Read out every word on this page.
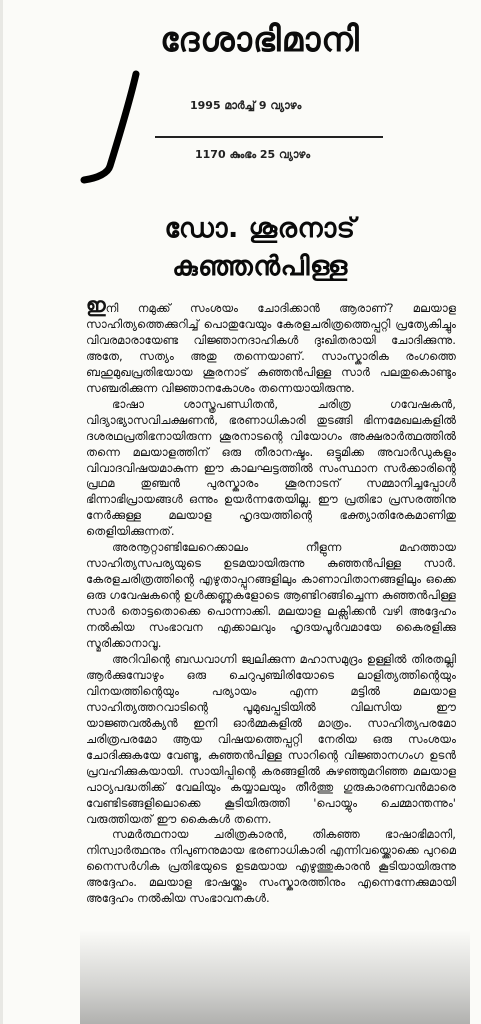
ദേശാഭിമാനി
1995 മാർച്ച് 9 വ്യാഴം
1170 കുംഭം 25 വ്യാഴം
ഡോ. ശൂരനാട്
കുഞ്ഞൻപിള്ള

ഇനി നമുക്ക് സംശയം ചോദിക്കാൻ ആരാണ്? മലയാള സാഹിത്യത്തെക്കുറിച്ച് പൊതുവേയും കേരളചരിത്രത്തെപ്പറ്റി പ്രത്യേകിച്ചും വിവരമാരായേണ്ട വിജ്ഞാനദാഹികൾ ദുഃഖിതരായി ചോദിക്കുന്നു. അതേ, സത്യം അതു തന്നെയാണ്. സാംസ്കാരിക രംഗത്തെ ബഹുമുഖപ്രതിഭയായ ശൂരനാട് കുഞ്ഞൻപിള്ള സാർ പലതുകൊണ്ടും സഞ്ചരിക്കുന്ന വിജ്ഞാനകോശം തന്നെയായിരുന്നു.

ഭാഷാ ശാസ്ത്രപണ്ഡിതൻ, ചരിത്ര ഗവേഷകൻ, വിദ്യാഭ്യാസവിചക്ഷണൻ, ഭരണാധികാരി തുടങ്ങി ഭിന്നമേഖലകളിൽ ദശരഥപ്രതിഭനായിരുന്ന ശൂരനാടന്റെ വിയോഗം അക്ഷരാർത്ഥത്തിൽ തന്നെ മലയാളത്തിന് ഒരു തീരാനഷ്ടം. ഒട്ടുമിക്ക അവാർഡുകളും വിവാദവിഷയമാകുന്ന ഈ കാലഘട്ടത്തിൽ സംസ്ഥാന സർക്കാരിന്റെ പ്രഥമ തുഞ്ചൻ പുരസ്കാരം ശൂരനാടന് സമ്മാനിച്ചപ്പോൾ ഭിന്നാഭിപ്രായങ്ങൾ ഒന്നും ഉയർന്നതേയില്ല. ഈ പ്രതിഭാ പ്രസരത്തിനു നേർക്കുള്ള മലയാള ഹൃദയത്തിന്റെ ഭക്ത്യാതിരേകമാണിതു തെളിയിക്കുന്നത്.

അരനൂറ്റാണ്ടിലേറെക്കാലം നീളുന്ന മഹത്തായ സാഹിത്യസപര്യയുടെ ഉടമയായിരുന്നു കുഞ്ഞൻപിള്ള സാർ. കേരളചരിത്രത്തിന്റെ എഴുതാപ്പുറങ്ങളിലും കാണാവിതാനങ്ങളിലും ഒക്കെ ഒരു ഗവേഷകന്റെ ഉൾക്കണ്ണുകളോടെ ആണ്ടിറങ്ങിച്ചെന്ന കുഞ്ഞൻപിള്ള സാർ തൊട്ടതൊക്കെ പൊന്നാക്കി. മലയാള ലക്സിക്കൻ വഴി അദ്ദേഹം നൽകിയ സംഭാവന എക്കാലവും ഹൃദയപൂർവമായേ കൈരളിക്കു സ്മരിക്കാനാവൂ.

അറിവിന്റെ ബഡവാഗ്നി ജ്വലിക്കുന്ന മഹാസമുദ്രം ഉള്ളിൽ തിരതല്ലി ആർക്കുമ്പോഴും ഒരു ചെറുപുഞ്ചിരിയോടെ ലാളിത്യത്തിന്റെയും വിനയത്തിന്റെയും പര്യായം എന്ന മട്ടിൽ മലയാള സാഹിത്യത്തറവാടിന്റെ പൂമുഖപ്പടിയിൽ വിലസിയ ഈ യാജ്ഞവൽക്യൻ ഇനി ഓർമ്മകളിൽ മാത്രം. സാഹിത്യപരമോ ചരിത്രപരമോ ആയ വിഷയത്തെപ്പറ്റി നേരിയ ഒരു സംശയം ചോദിക്കുകയേ വേണ്ടൂ, കുഞ്ഞൻപിള്ള സാറിന്റെ വിജ്ഞാനഗംഗ ഉടൻ പ്രവഹിക്കുകയായി. സായിപ്പിന്റെ കരങ്ങളിൽ കുഴഞ്ഞുമറിഞ്ഞ മലയാള പാഠ്യപദ്ധതിക്ക് വേലിയും കയ്യാലയും തീർത്തു ഗുരുകാരണവൻമാരെ വേണ്ടിടങ്ങളിലൊക്കെ കൂടിയിരുത്തി 'പൊയ്യും ചെമ്മാന്തന്നും' വരുത്തിയത് ഈ കൈകൾ തന്നെ.

സമർത്ഥനായ ചരിത്രകാരൻ, തികഞ്ഞ ഭാഷാഭിമാനി, നിസ്വാർത്ഥനും നിപുണനുമായ ഭരണാധികാരി എന്നിവയ്ക്കൊക്കെ പുറമെ നൈസർഗിക പ്രതിഭയുടെ ഉടമയായ എഴുത്തുകാരൻ കൂടിയായിരുന്നു അദ്ദേഹം. മലയാള ഭാഷയ്ക്കും സംസ്കാരത്തിനും എന്നെന്നേക്കുമായി അദ്ദേഹം നൽകിയ സംഭാവനകൾ.
